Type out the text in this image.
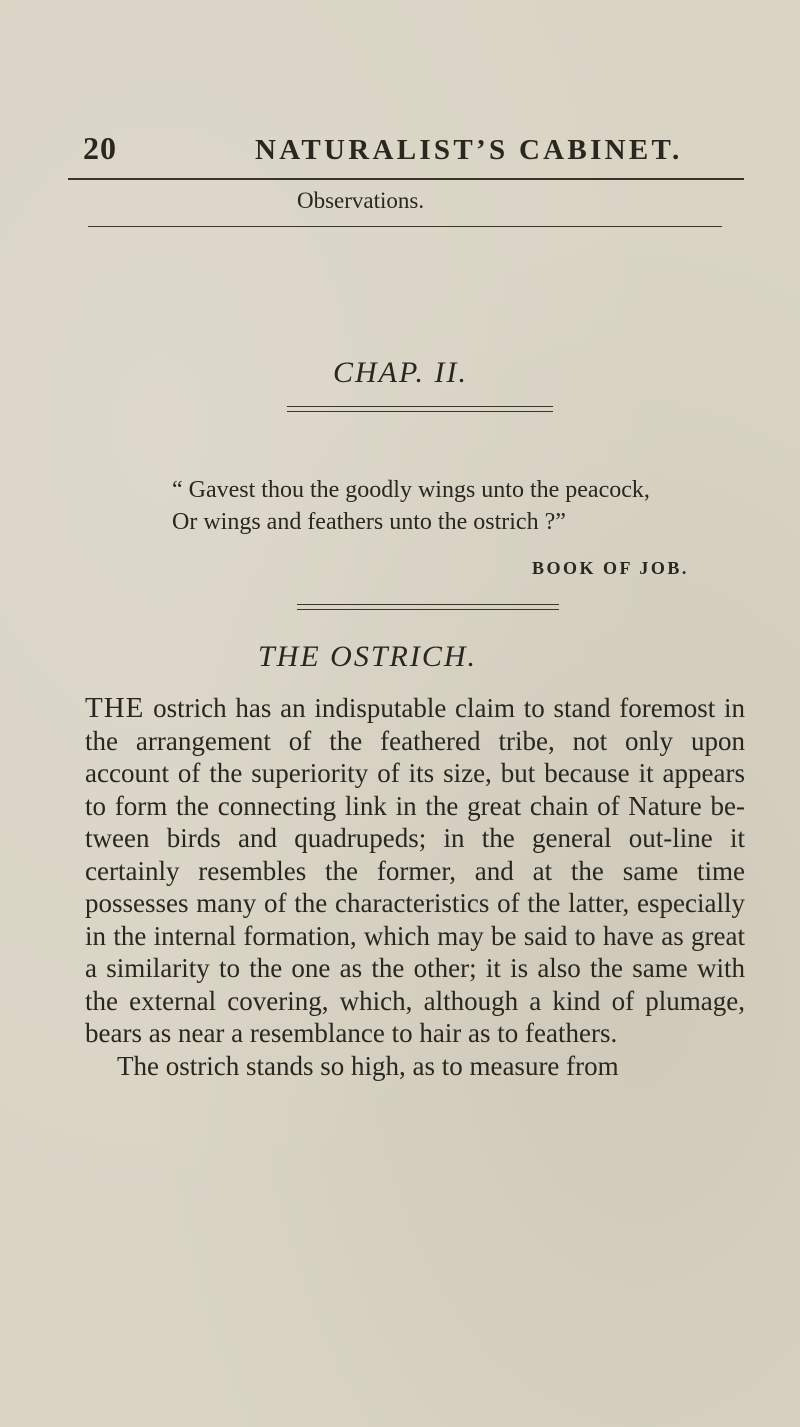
20	NATURALIST’S CABINET.
Observations.
CHAP. II.
“ Gavest thou the goodly wings unto the peacock,
Or wings and feathers unto the ostrich ?”
BOOK OF JOB.
THE OSTRICH.

THE ostrich has an indisputable claim to stand foremost in the arrangement of the feathered tribe, not only upon account of the superiority of its size, but because it appears to form the connecting link in the great chain of Nature be-tween birds and quadrupeds; in the general out-line it certainly resembles the former, and at the same time possesses many of the characteristics of the latter, especially in the internal formation, which may be said to have as great a similarity to the one as the other; it is also the same with the external covering, which, although a kind of plumage, bears as near a resemblance to hair as to feathers.

The ostrich stands so high, as to measure from
